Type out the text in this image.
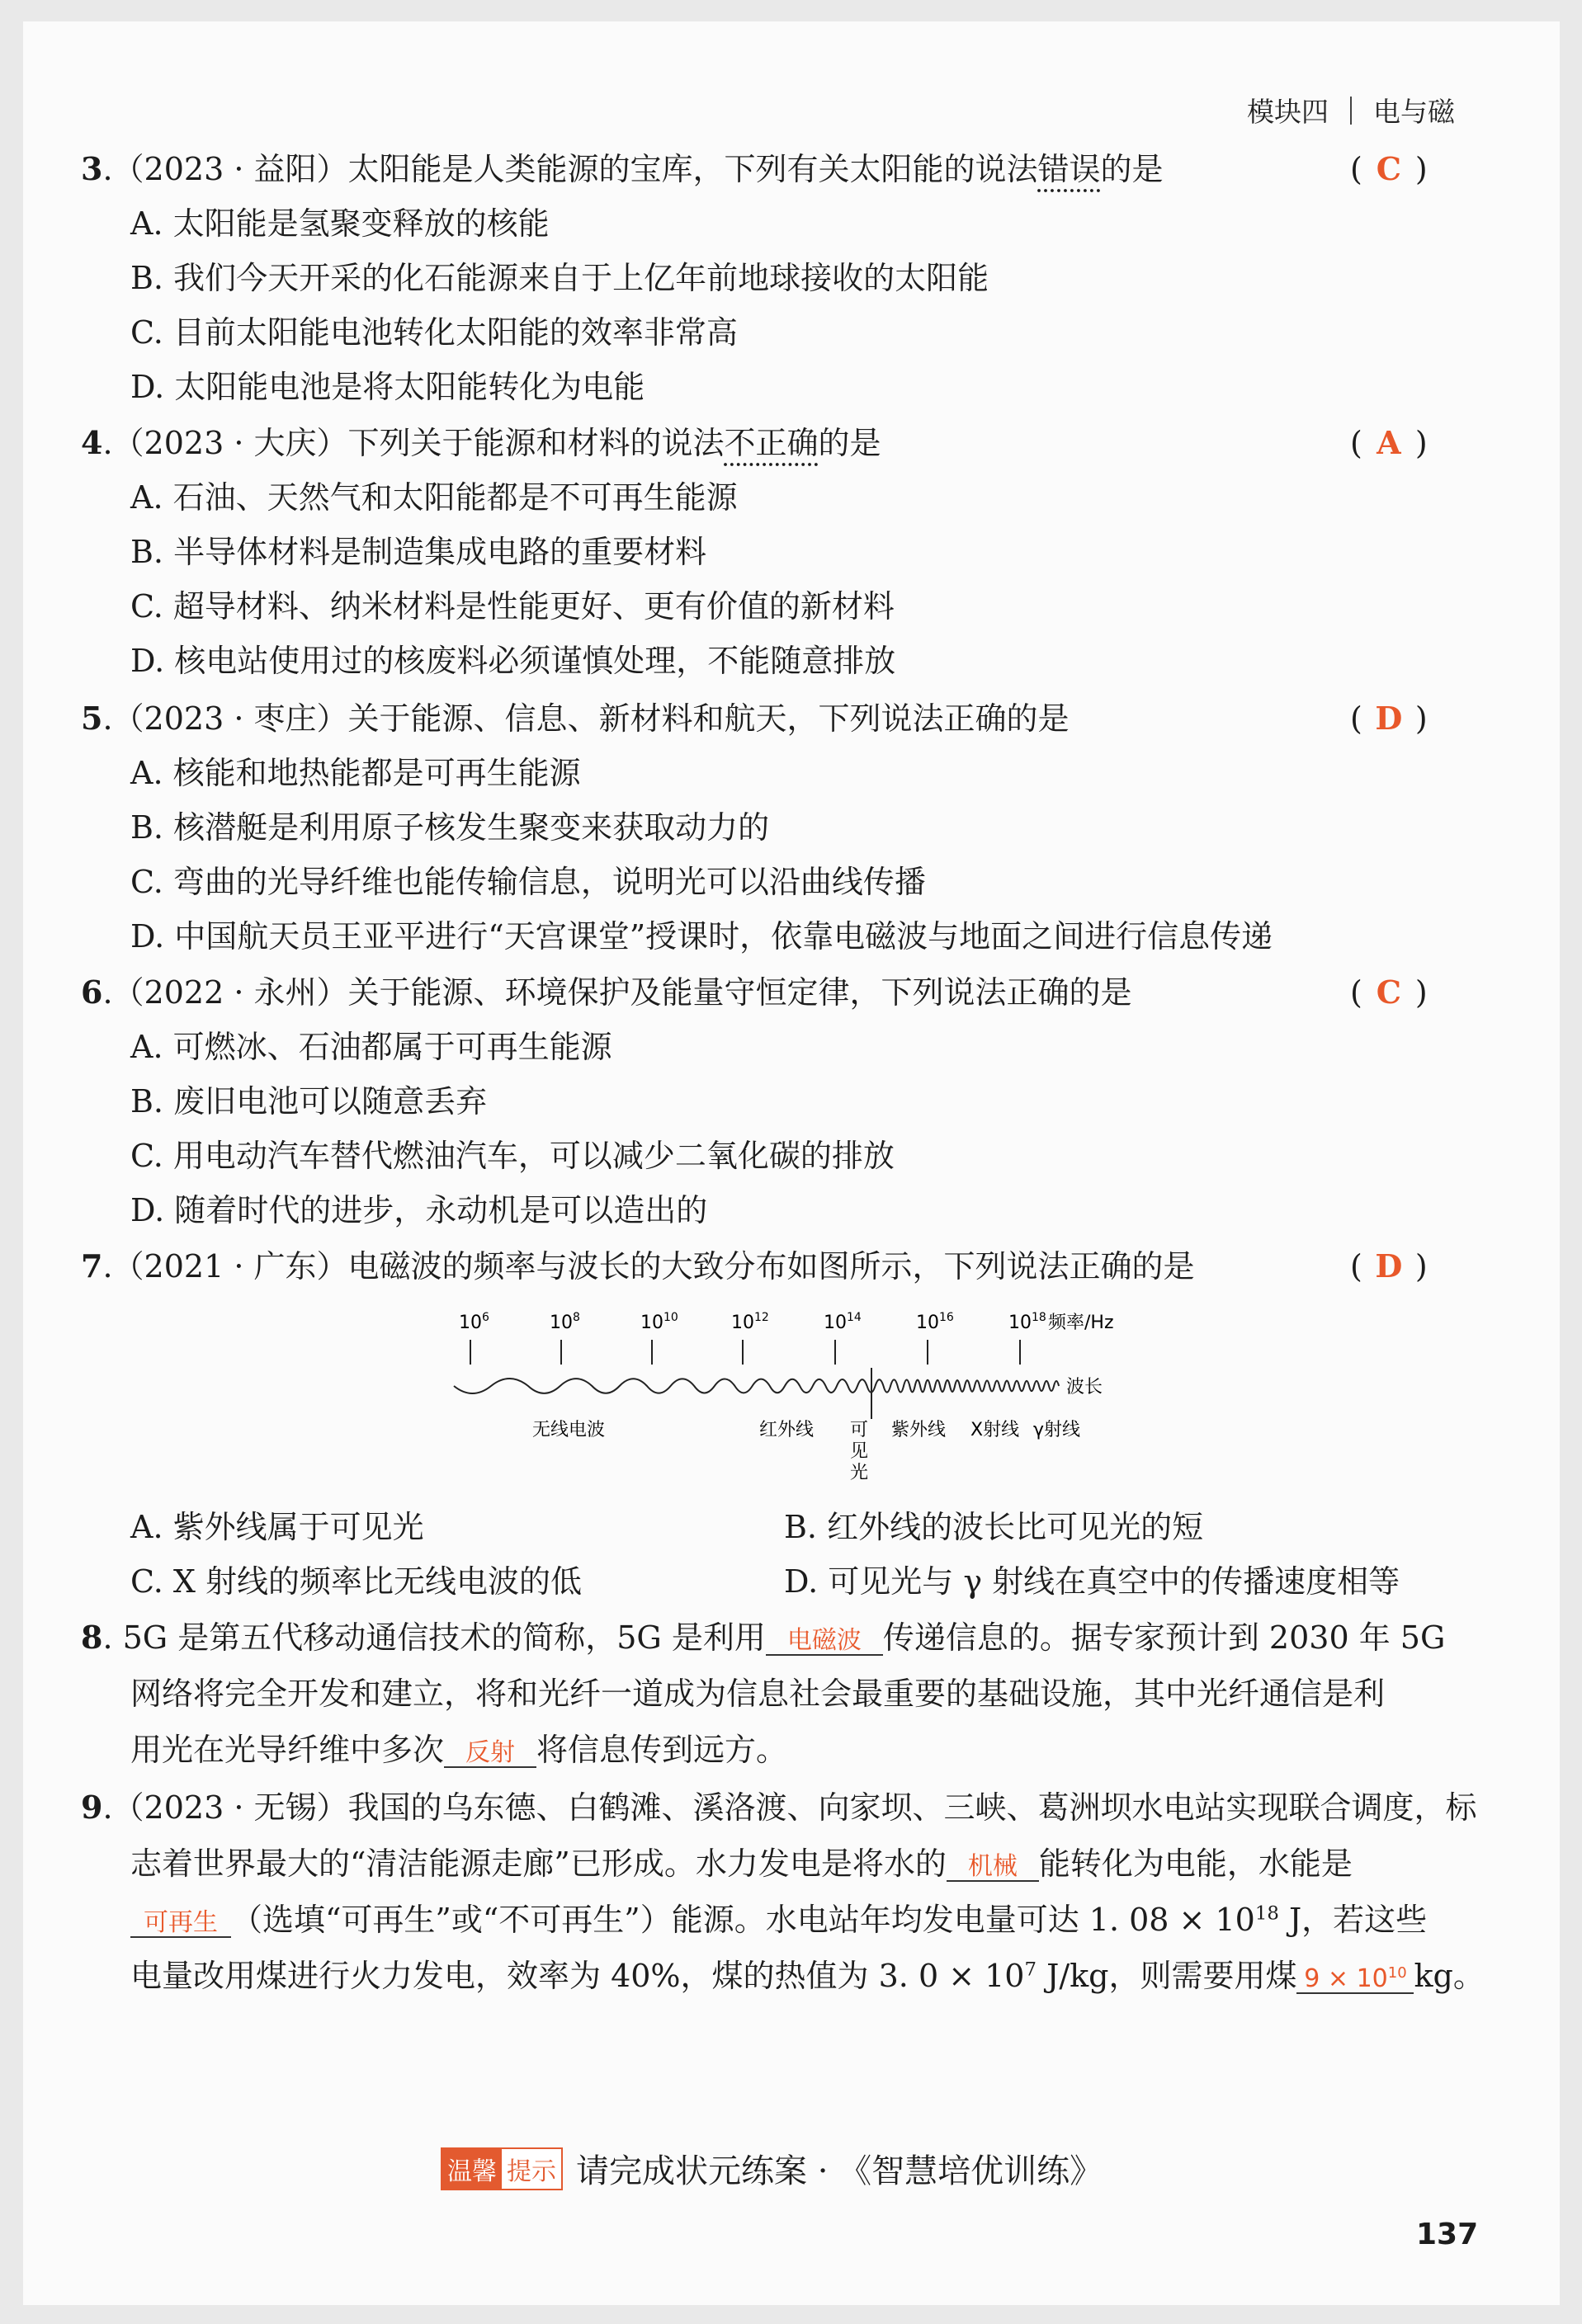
模块四 电与磁
3.（2023 · 益阳）太阳能是人类能源的宝库，下列有关太阳能的说法错误的是	( C )
A. 太阳能是氢聚变释放的核能
B. 我们今天开采的化石能源来自于上亿年前地球接收的太阳能
C. 目前太阳能电池转化太阳能的效率非常高
D. 太阳能电池是将太阳能转化为电能
4.（2023 · 大庆）下列关于能源和材料的说法不正确的是	( A )
A. 石油、天然气和太阳能都是不可再生能源
B. 半导体材料是制造集成电路的重要材料
C. 超导材料、纳米材料是性能更好、更有价值的新材料
D. 核电站使用过的核废料必须谨慎处理，不能随意排放
5.（2023 · 枣庄）关于能源、信息、新材料和航天，下列说法正确的是	( D )
A. 核能和地热能都是可再生能源
B. 核潜艇是利用原子核发生聚变来获取动力的
C. 弯曲的光导纤维也能传输信息，说明光可以沿曲线传播
D. 中国航天员王亚平进行“天宫课堂”授课时，依靠电磁波与地面之间进行信息传递
6.（2022 · 永州）关于能源、环境保护及能量守恒定律，下列说法正确的是	( C )
A. 可燃冰、石油都属于可再生能源
B. 废旧电池可以随意丢弃
C. 用电动汽车替代燃油汽车，可以减少二氧化碳的排放
D. 随着时代的进步，永动机是可以造出的
7.（2021 · 广东）电磁波的频率与波长的大致分布如图所示，下列说法正确的是	( D )
$10^6$	$10^8$	$10^{10}$	$10^{12}$	$10^{14}$	$10^{16}$	$10^{18}$ 频率/Hz
波长
无线电波	红外线 可
见
光
紫外线 X射线 γ射线
A. 紫外线属于可见光	B. 红外线的波长比可见光的短
C. X 射线的频率比无线电波的低	D. 可见光与 γ 射线在真空中的传播速度相等
8. 5G 是第五代移动通信技术的简称，5G 是利用 电磁波 传递信息的。据专家预计到 2030 年 5G
网络将完全开发和建立，将和光纤一道成为信息社会最重要的基础设施，其中光纤通信是利
用光在光导纤维中多次 反射 将信息传到远方。
9.（2023 · 无锡）我国的乌东德、白鹤滩、溪洛渡、向家坝、三峡、葛洲坝水电站实现联合调度，标
志着世界最大的“清洁能源走廊”已形成。水力发电是将水的 机械 能转化为电能，水能是
可再生 （选填“可再生”或“不可再生”）能源。水电站年均发电量可达 1. $08 \times 10^{18}$ J，若这些
电量改用煤进行火力发电，效率为 40%，煤的热值为 3. $0 \times 10^7$ J/kg，则需要用煤 $9 \times 10^{10}$ kg。
温馨 提示 请完成状元练案 · 《智慧培优训练》
137
